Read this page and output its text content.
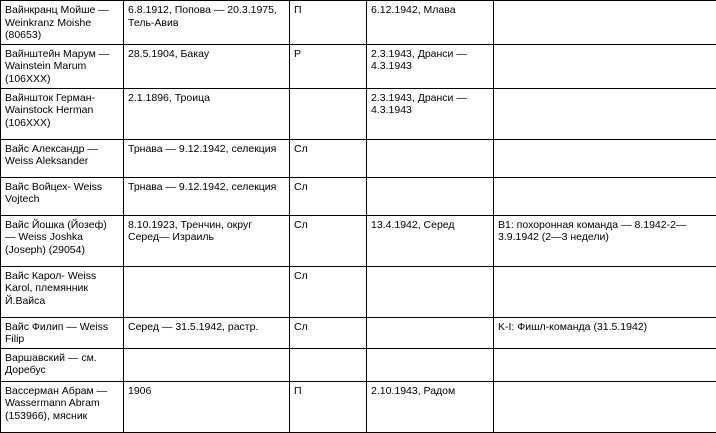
Вайнкранц Мойше — Weinkranz Moishe (80653)	6.8.1912, Попова — 20.3.1975, Тель-Авив	П	6.12.1942, Млава	
Вайнштейн Марум — Wainstein Marum (106XXX)	28.5.1904, Бакау	Р	2.3.1943, Дранси — 4.3.1943	
Вайншток Герман-Wainstock Herman (106XXX)	2.1.1896, Троица		2.3.1943, Дранси — 4.3.1943	
Вайс Александр — Weiss Aleksander	Трнава — 9.12.1942, селекция	Сл		
Вайс Войцех- Weiss Vojtech	Трнава — 9.12.1942, селекция	Сл		
Вайс Йошка (Йозеф) — Weiss Joshka (Joseph) (29054)	8.10.1923, Тренчин, округ Серед— Израиль	Сл	13.4.1942, Серед	B1: похоронная команда — 8.1942-2—3.9.1942 (2—3 недели)
Вайс Карол- Weiss Karol, племянник Й.Вайса		Сл		
Вайс Филип — Weiss Filip	Серед — 31.5.1942, растр.	Сл		K-I: Фишл-команда (31.5.1942)
Варшавский — см. Доребус				
Вассерман Абрам — Wassermann Abram (153966), мясник	1906	П	2.10.1943, Радом	
